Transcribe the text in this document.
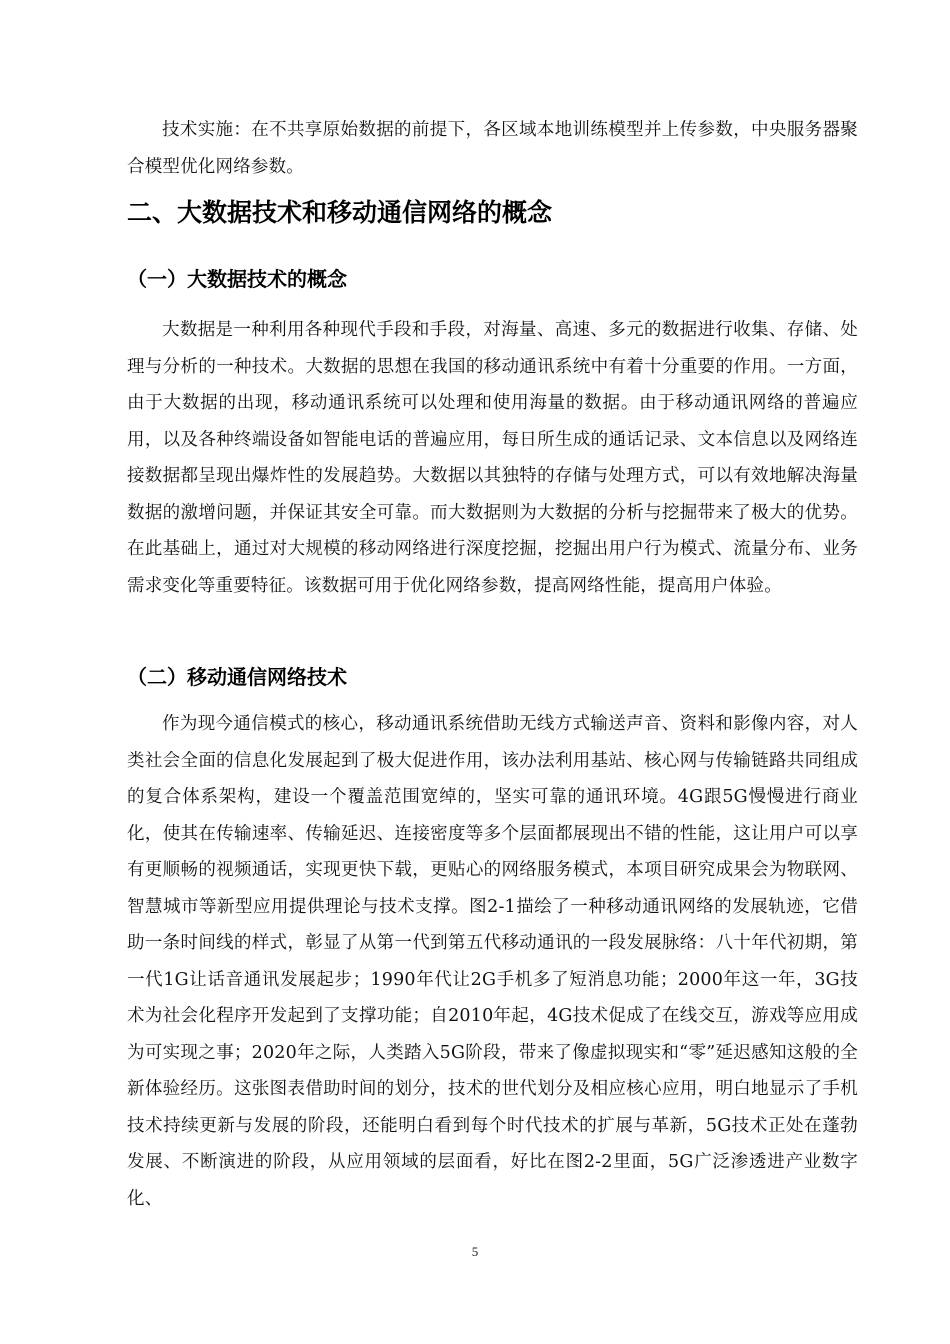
技术实施：在不共享原始数据的前提下，各区域本地训练模型并上传参数，中央服务器聚合模型优化网络参数。

二、大数据技术和移动通信网络的概念
（一）大数据技术的概念

大数据是一种利用各种现代手段和手段，对海量、高速、多元的数据进行收集、存储、处理与分析的一种技术。大数据的思想在我国的移动通讯系统中有着十分重要的作用。一方面，由于大数据的出现，移动通讯系统可以处理和使用海量的数据。由于移动通讯网络的普遍应用，以及各种终端设备如智能电话的普遍应用，每日所生成的通话记录、文本信息以及网络连接数据都呈现出爆炸性的发展趋势。大数据以其独特的存储与处理方式，可以有效地解决海量数据的激增问题，并保证其安全可靠。而大数据则为大数据的分析与挖掘带来了极大的优势。在此基础上，通过对大规模的移动网络进行深度挖掘，挖掘出用户行为模式、流量分布、业务需求变化等重要特征。该数据可用于优化网络参数，提高网络性能，提高用户体验。

（二）移动通信网络技术

作为现今通信模式的核心，移动通讯系统借助无线方式输送声音、资料和影像内容，对人类社会全面的信息化发展起到了极大促进作用，该办法利用基站、核心网与传输链路共同组成的复合体系架构，建设一个覆盖范围宽绰的，坚实可靠的通讯环境。4G跟5G慢慢进行商业化，使其在传输速率、传输延迟、连接密度等多个层面都展现出不错的性能，这让用户可以享有更顺畅的视频通话，实现更快下载，更贴心的网络服务模式，本项目研究成果会为物联网、智慧城市等新型应用提供理论与技术支撑。图2-1描绘了一种移动通讯网络的发展轨迹，它借助一条时间线的样式，彰显了从第一代到第五代移动通讯的一段发展脉络：八十年代初期，第一代1G让话音通讯发展起步；1990年代让2G手机多了短消息功能；2000年这一年，3G技术为社会化程序开发起到了支撑功能；自2010年起，4G技术促成了在线交互，游戏等应用成为可实现之事；2020年之际，人类踏入5G阶段，带来了像虚拟现实和“零”延迟感知这般的全新体验经历。这张图表借助时间的划分，技术的世代划分及相应核心应用，明白地显示了手机技术持续更新与发展的阶段，还能明白看到每个时代技术的扩展与革新，5G技术正处在蓬勃发展、不断演进的阶段，从应用领域的层面看，好比在图2-2里面，5G广泛渗透进产业数字化、

5
